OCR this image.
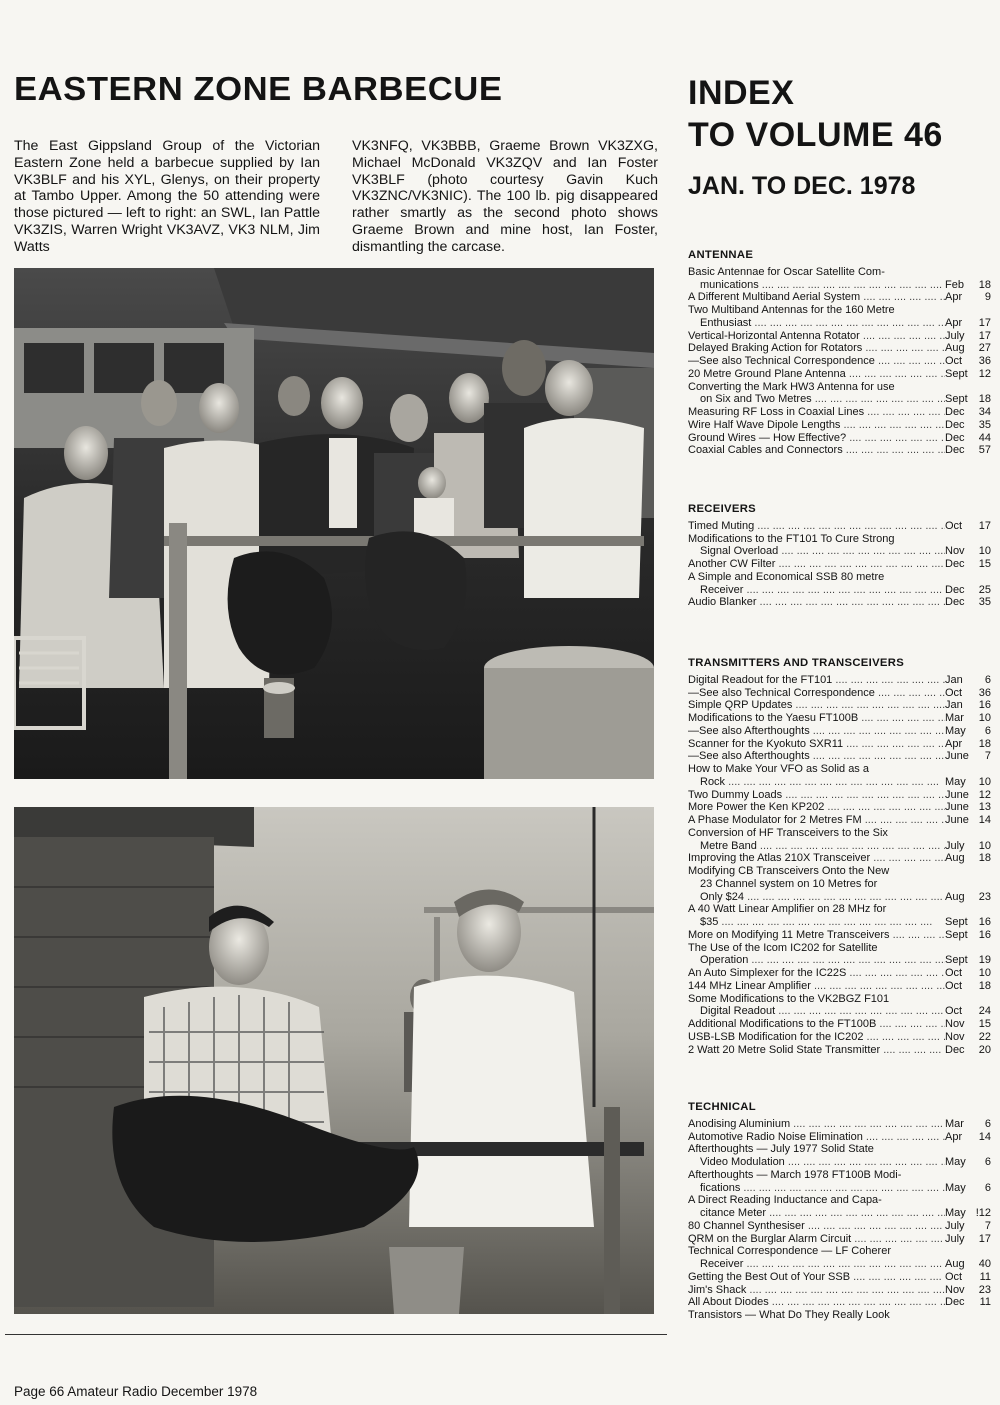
EASTERN ZONE BARBECUE
The East Gippsland Group of the Victorian Eastern Zone held a barbecue supplied by Ian VK3BLF and his XYL, Glenys, on their property at Tambo Upper. Among the 50 attending were those pictured — left to right: an SWL, Ian Pattle VK3ZIS, Warren Wright VK3AVZ, VK3 NLM, Jim Watts
VK3NFQ, VK3BBB, Graeme Brown VK3ZXG, Michael McDonald VK3ZQV and Ian Foster VK3BLF (photo courtesy Gavin Kuch VK3ZNC/VK3NIC). The 100 lb. pig disappeared rather smartly as the second photo shows Graeme Brown and mine host, Ian Foster, dismantling the carcase.
INDEX
TO VOLUME 46
JAN. TO DEC. 1978
ANTENNAE
Basic Antennae for Oscar Satellite Com-
munications ....	Feb	18
A Different Multiband Aerial System ....	Apr	9
Two Multiband Antennas for the 160 Metre
Enthusiast ....	Apr	17
Vertical-Horizontal Antenna Rotator ....	July	17
Delayed Braking Action for Rotators ....	Aug	27
—See also Technical Correspondence ....	Oct	36
20 Metre Ground Plane Antenna ....	Sept	12
Converting the Mark HW3 Antenna for use
on Six and Two Metres ....	Sept	18
Measuring RF Loss in Coaxial Lines ....	Dec	34
Wire Half Wave Dipole Lengths ....	Dec	35
Ground Wires — How Effective? ....	Dec	44
Coaxial Cables and Connectors ....	Dec	57
RECEIVERS
Timed Muting ....	Oct	17
Modifications to the FT101 To Cure Strong
Signal Overload ....	Nov	10
Another CW Filter ....	Dec	15
A Simple and Economical SSB 80 metre
Receiver ....	Dec	25
Audio Blanker ....	Dec	35
TRANSMITTERS AND TRANSCEIVERS
Digital Readout for the FT101 ....	Jan	6
—See also Technical Correspondence ....	Oct	36
Simple QRP Updates ....	Jan	16
Modifications to the Yaesu FT100B ....	Mar	10
—See also Afterthoughts ....	May	6
Scanner for the Kyokuto SXR11 ....	Apr	18
—See also Afterthoughts ....	June	7
How to Make Your VFO as Solid as a
Rock ....	May	10
Two Dummy Loads ....	June 12
More Power the Ken KP202 ....	June 13
A Phase Modulator for 2 Metres FM ....	June 14
Conversion of HF Transceivers to the Six
Metre Band ....	July	10
Improving the Atlas 210X Transceiver ....	Aug	18
Modifying CB Transceivers Onto the New
23 Channel system on 10 Metres for
Only $24 ....	Aug	23
A 40 Watt Linear Amplifier on 28 MHz for
$35 ....	Sept	16
More on Modifying 11 Metre Transceivers ....	Sept	16
The Use of the Icom IC202 for Satellite
Operation ....	Sept	19
An Auto Simplexer for the IC22S ....	Oct	10
144 MHz Linear Amplifier ....	Oct	18
Some Modifications to the VK2BGZ F101
Digital Readout ....	Oct	24
Additional Modifications to the FT100B ....	Nov	15
USB-LSB Modification for the IC202 ....	Nov	22
2 Watt 20 Metre Solid State Transmitter ....	Dec	20
TECHNICAL
Anodising Aluminium ....	Mar	6
Automotive Radio Noise Elimination ....	Apr	14
Afterthoughts — July 1977 Solid State
Video Modulation ....	May	6
Afterthoughts — March 1978 FT100B Modi-
fications ....	May	6
A Direct Reading Inductance and Capa-
citance Meter ....	May !12
80 Channel Synthesiser ....	July	7
QRM on the Burglar Alarm Circuit ....	July	17
Technical Correspondence — LF Coherer
Receiver ....	Aug	40
Getting the Best Out of Your SSB ....	Oct	11
Jim's Shack ....	Nov	23
All About Diodes ....	Dec	11
Transistors — What Do They Really Look
Page 66 Amateur Radio December 1978
